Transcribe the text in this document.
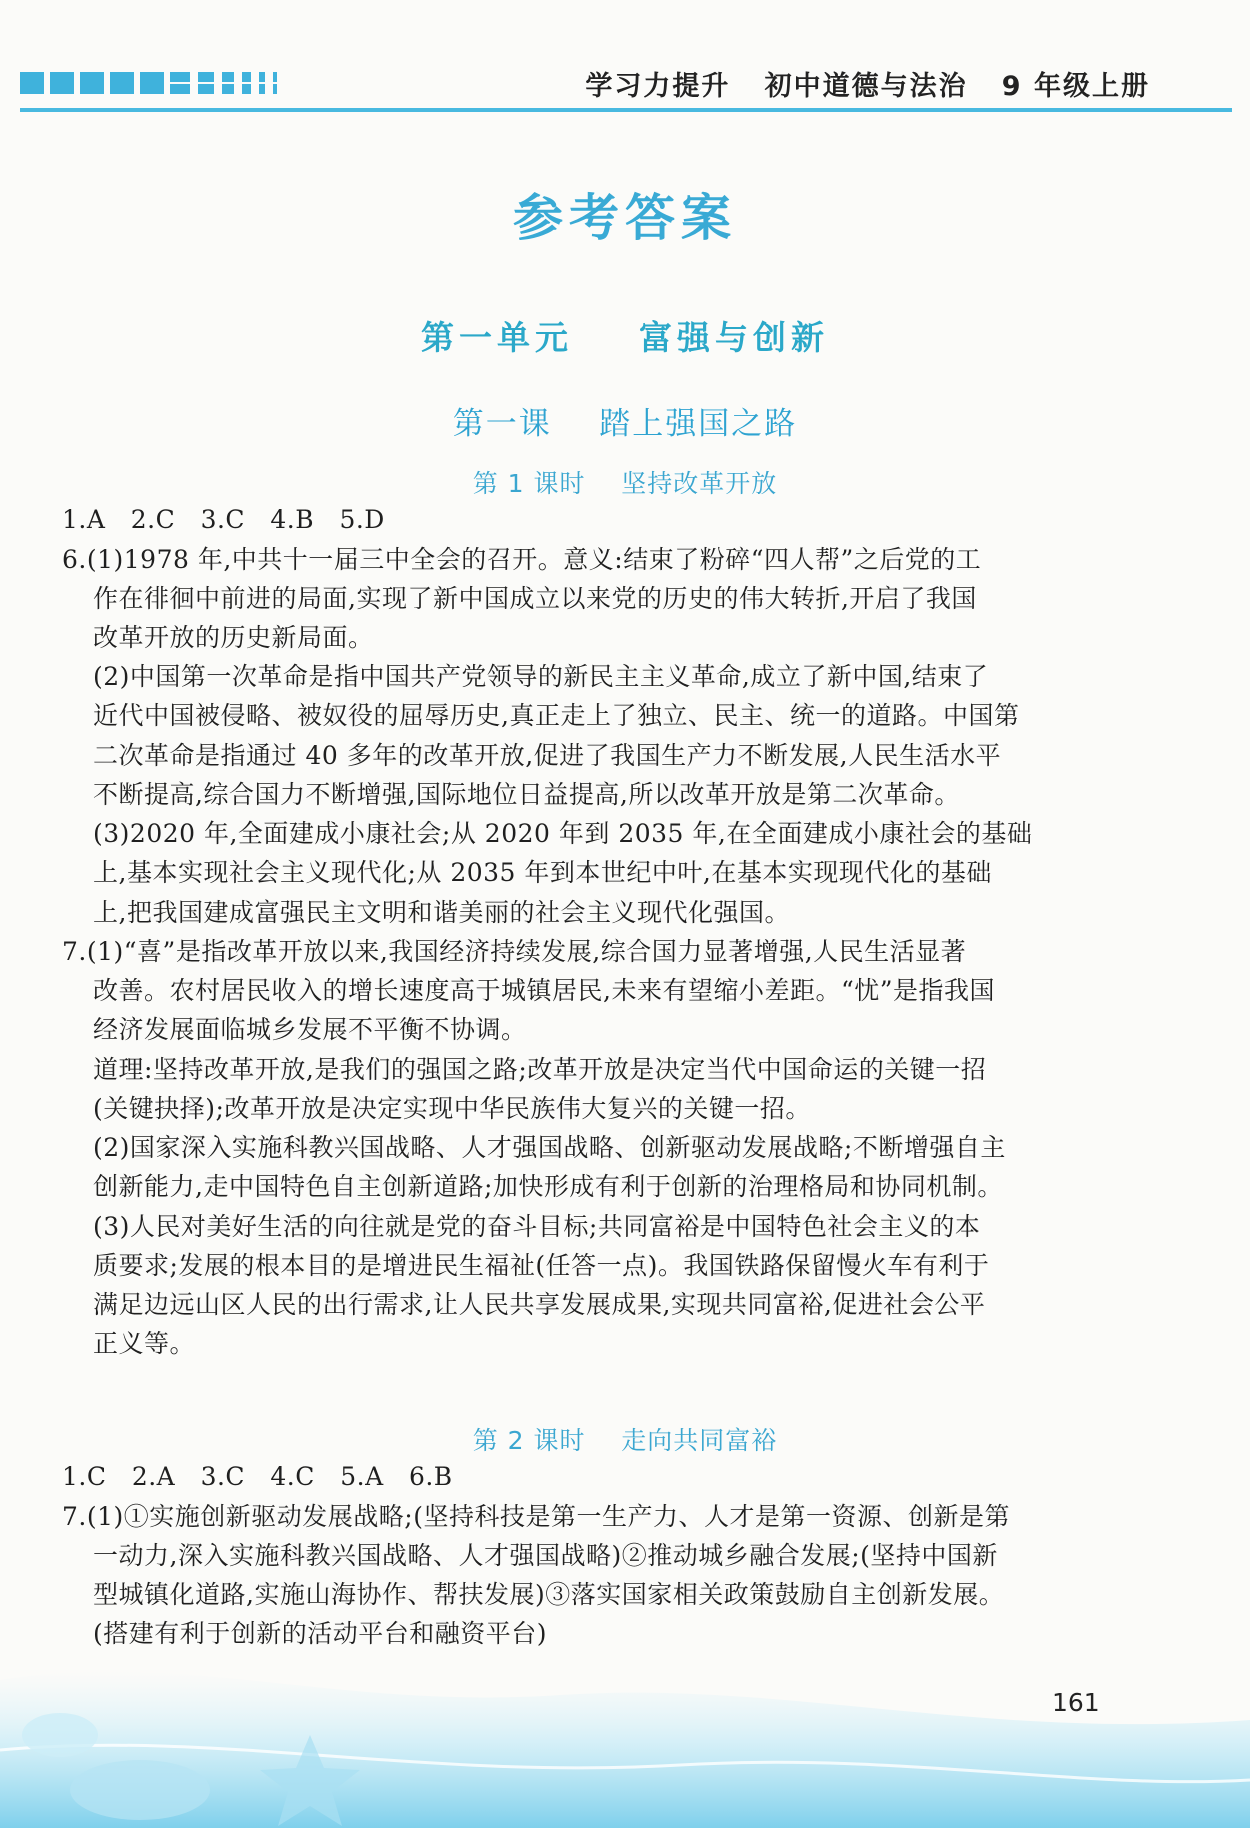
学习力提升   初中道德与法治   9 年级上册
参考答案
第一单元    富强与创新
第一课    踏上强国之路
第 1 课时    坚持改革开放
1.A   2.C   3.C   4.B   5.D
6.(1)1978 年,中共十一届三中全会的召开。意义:结束了粉碎“四人帮”之后党的工
作在徘徊中前进的局面,实现了新中国成立以来党的历史的伟大转折,开启了我国
改革开放的历史新局面。
(2)中国第一次革命是指中国共产党领导的新民主主义革命,成立了新中国,结束了
近代中国被侵略、被奴役的屈辱历史,真正走上了独立、民主、统一的道路。中国第
二次革命是指通过 40 多年的改革开放,促进了我国生产力不断发展,人民生活水平
不断提高,综合国力不断增强,国际地位日益提高,所以改革开放是第二次革命。
(3)2020 年,全面建成小康社会;从 2020 年到 2035 年,在全面建成小康社会的基础
上,基本实现社会主义现代化;从 2035 年到本世纪中叶,在基本实现现代化的基础
上,把我国建成富强民主文明和谐美丽的社会主义现代化强国。
7.(1)“喜”是指改革开放以来,我国经济持续发展,综合国力显著增强,人民生活显著
改善。农村居民收入的增长速度高于城镇居民,未来有望缩小差距。“忧”是指我国
经济发展面临城乡发展不平衡不协调。
道理:坚持改革开放,是我们的强国之路;改革开放是决定当代中国命运的关键一招
(关键抉择);改革开放是决定实现中华民族伟大复兴的关键一招。
(2)国家深入实施科教兴国战略、人才强国战略、创新驱动发展战略;不断增强自主
创新能力,走中国特色自主创新道路;加快形成有利于创新的治理格局和协同机制。
(3)人民对美好生活的向往就是党的奋斗目标;共同富裕是中国特色社会主义的本
质要求;发展的根本目的是增进民生福祉(任答一点)。我国铁路保留慢火车有利于
满足边远山区人民的出行需求,让人民共享发展成果,实现共同富裕,促进社会公平
正义等。
第 2 课时    走向共同富裕
1.C   2.A   3.C   4.C   5.A   6.B
7.(1)①实施创新驱动发展战略;(坚持科技是第一生产力、人才是第一资源、创新是第
一动力,深入实施科教兴国战略、人才强国战略)②推动城乡融合发展;(坚持中国新
型城镇化道路,实施山海协作、帮扶发展)③落实国家相关政策鼓励自主创新发展。
(搭建有利于创新的活动平台和融资平台)
161
